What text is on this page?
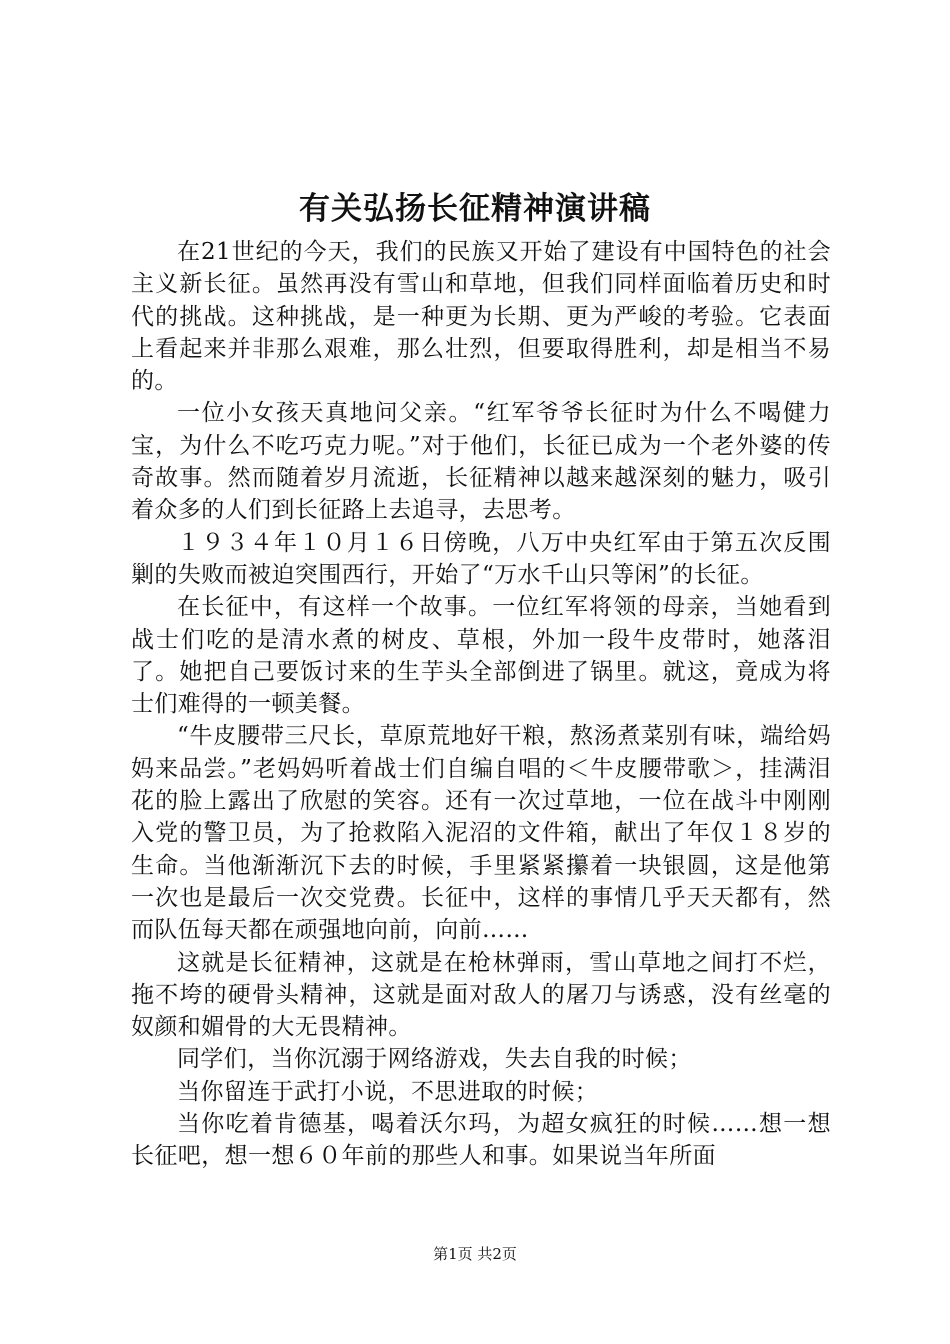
有关弘扬长征精神演讲稿

在21世纪的今天，我们的民族又开始了建设有中国特色的社会主义新长征。虽然再没有雪山和草地，但我们同样面临着历史和时代的挑战。这种挑战，是一种更为长期、更为严峻的考验。它表面上看起来并非那么艰难，那么壮烈，但要取得胜利，却是相当不易的。

一位小女孩天真地问父亲。“红军爷爷长征时为什么不喝健力宝，为什么不吃巧克力呢。”对于他们，长征已成为一个老外婆的传奇故事。然而随着岁月流逝，长征精神以越来越深刻的魅力，吸引着众多的人们到长征路上去追寻，去思考。

１９３４年１０月１６日傍晚，八万中央红军由于第五次反围剿的失败而被迫突围西行，开始了“万水千山只等闲”的长征。

在长征中，有这样一个故事。一位红军将领的母亲，当她看到战士们吃的是清水煮的树皮、草根，外加一段牛皮带时，她落泪了。她把自己要饭讨来的生芋头全部倒进了锅里。就这，竟成为将士们难得的一顿美餐。

“牛皮腰带三尺长，草原荒地好干粮，熬汤煮菜别有味，端给妈妈来品尝。”老妈妈听着战士们自编自唱的＜牛皮腰带歌＞，挂满泪花的脸上露出了欣慰的笑容。还有一次过草地，一位在战斗中刚刚入党的警卫员，为了抢救陷入泥沼的文件箱，献出了年仅１８岁的生命。当他渐渐沉下去的时候，手里紧紧攥着一块银圆，这是他第一次也是最后一次交党费。长征中，这样的事情几乎天天都有，然而队伍每天都在顽强地向前，向前……

这就是长征精神，这就是在枪林弹雨，雪山草地之间打不烂，拖不垮的硬骨头精神，这就是面对敌人的屠刀与诱惑，没有丝毫的奴颜和媚骨的大无畏精神。

同学们，当你沉溺于网络游戏，失去自我的时候；

当你留连于武打小说，不思进取的时候；

当你吃着肯德基，喝着沃尔玛，为超女疯狂的时候……想一想长征吧，想一想６０年前的那些人和事。如果说当年所面

第1页 共2页
